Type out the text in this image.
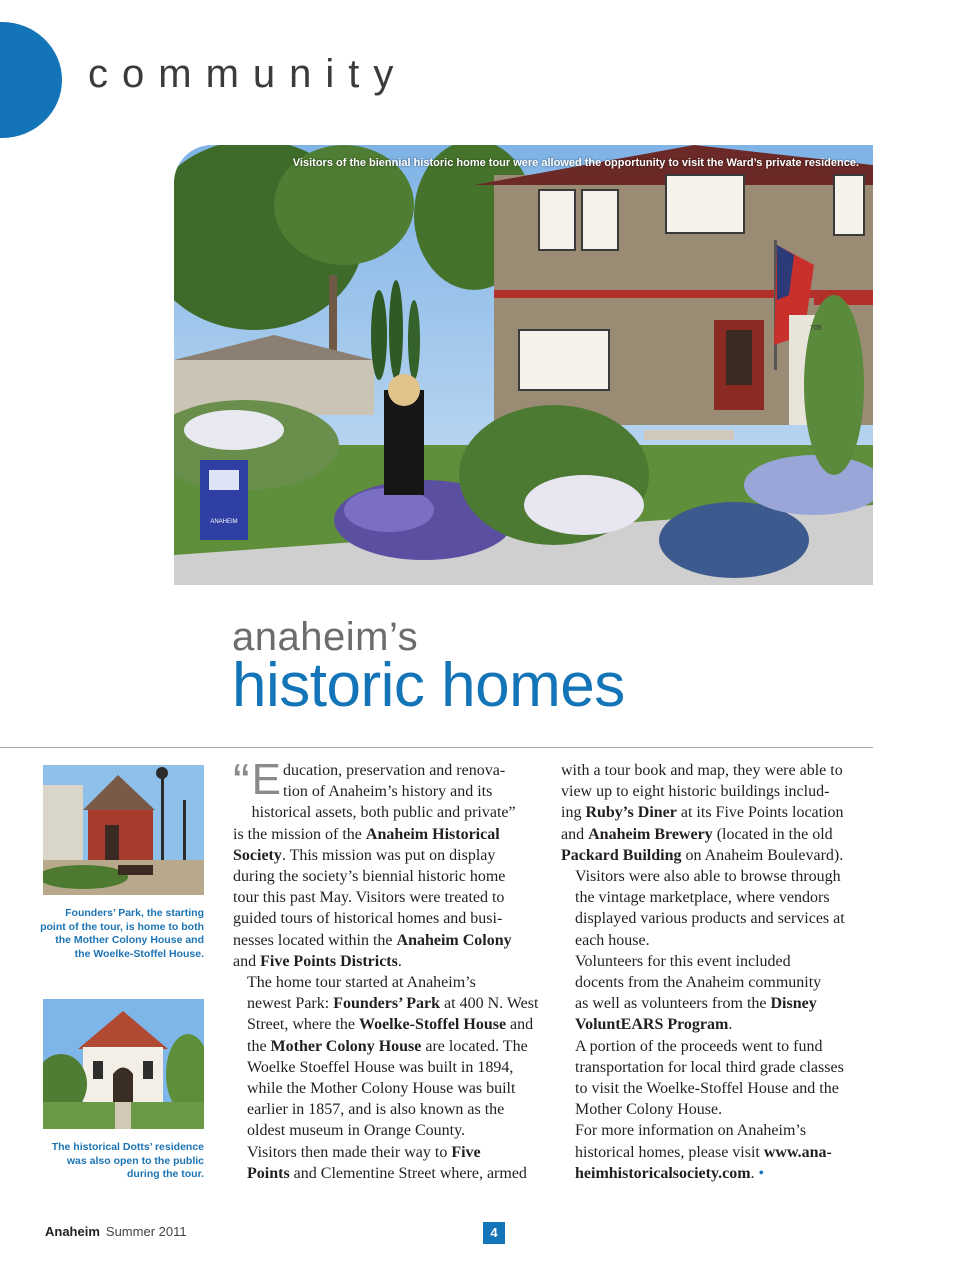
community
ANAHEIM
705
Visitors of the biennial historic home tour were allowed the opportunity to visit the Ward’s private residence.
anaheim’s
historic homes
Founders’ Park, the starting point of the tour, is home to both the Mother Colony House and the Woelke-Stoffel House.
The historical Dotts’ residence was also open to the public during the tour.

“ E ducation, preservation and renova-
tion of Anaheim’s history and its
historical assets, both public and private”
is the mission of the Anaheim Historical
Society. This mission was put on display
during the society’s biennial historic home
tour this past May. Visitors were treated to
guided tours of historical homes and busi-
nesses located within the Anaheim Colony
and Five Points Districts.

The home tour started at Anaheim’s
newest Park: Founders’ Park at 400 N. West
Street, where the Woelke-Stoffel House and
the Mother Colony House are located. The
Woelke Stoeffel House was built in 1894,
while the Mother Colony House was built
earlier in 1857, and is also known as the
oldest museum in Orange County.

Visitors then made their way to Five
Points and Clementine Street where, armed

with a tour book and map, they were able to
view up to eight historic buildings includ-
ing Ruby’s Diner at its Five Points location
and Anaheim Brewery (located in the old
Packard Building on Anaheim Boulevard).

Visitors were also able to browse through
the vintage marketplace, where vendors
displayed various products and services at
each house.

Volunteers for this event included
docents from the Anaheim community
as well as volunteers from the Disney
VoluntEARS Program.

A portion of the proceeds went to fund
transportation for local third grade classes
to visit the Woelke-Stoffel House and the
Mother Colony House.

For more information on Anaheim’s
historical homes, please visit www.ana-
heimhistoricalsociety.com. •

Anaheim Summer 2011	4
